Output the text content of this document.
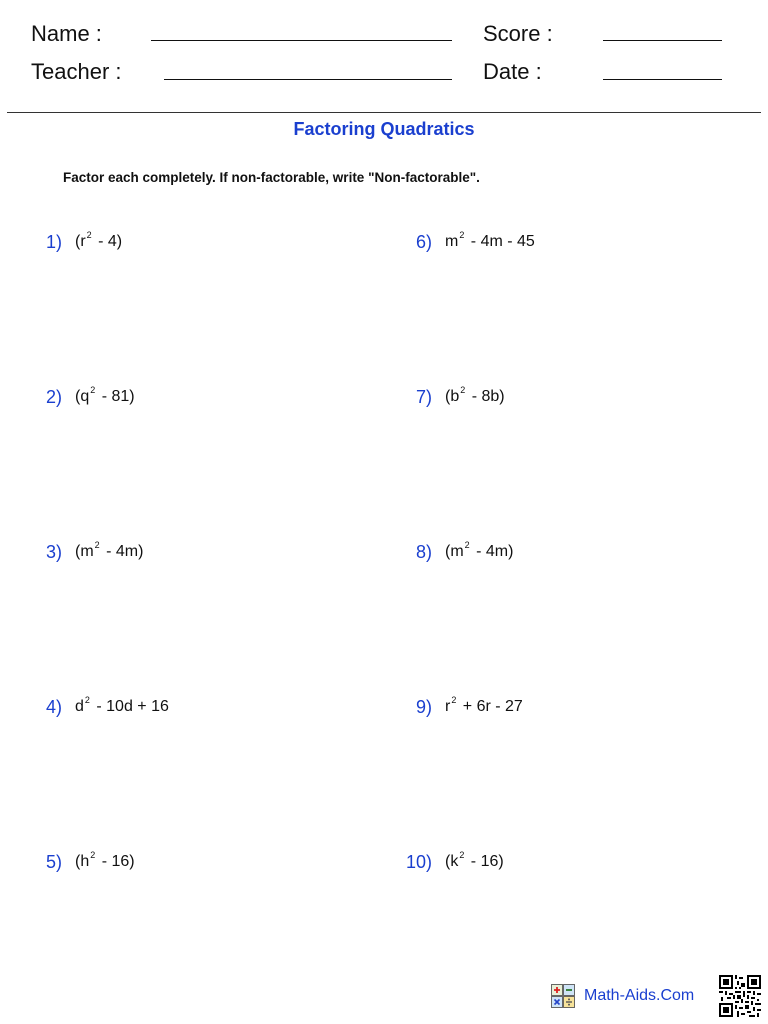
Name :	Score :
Teacher :	Date :
Factoring Quadratics
Factor each completely. If non-factorable, write "Non-factorable".
1) $(r^2 - 4)$
2) $(q^2 - 81)$
3) $(m^2 - 4m)$
4) $d^2 - 10d + 16$
5) $(h^2 - 16)$
6) $m^2 - 4m - 45$
7) $(b^2 - 8b)$
8) $(m^2 - 4m)$
9) $r^2 + 6r - 27$
10) $(k^2 - 16)$
Math-Aids.Com
